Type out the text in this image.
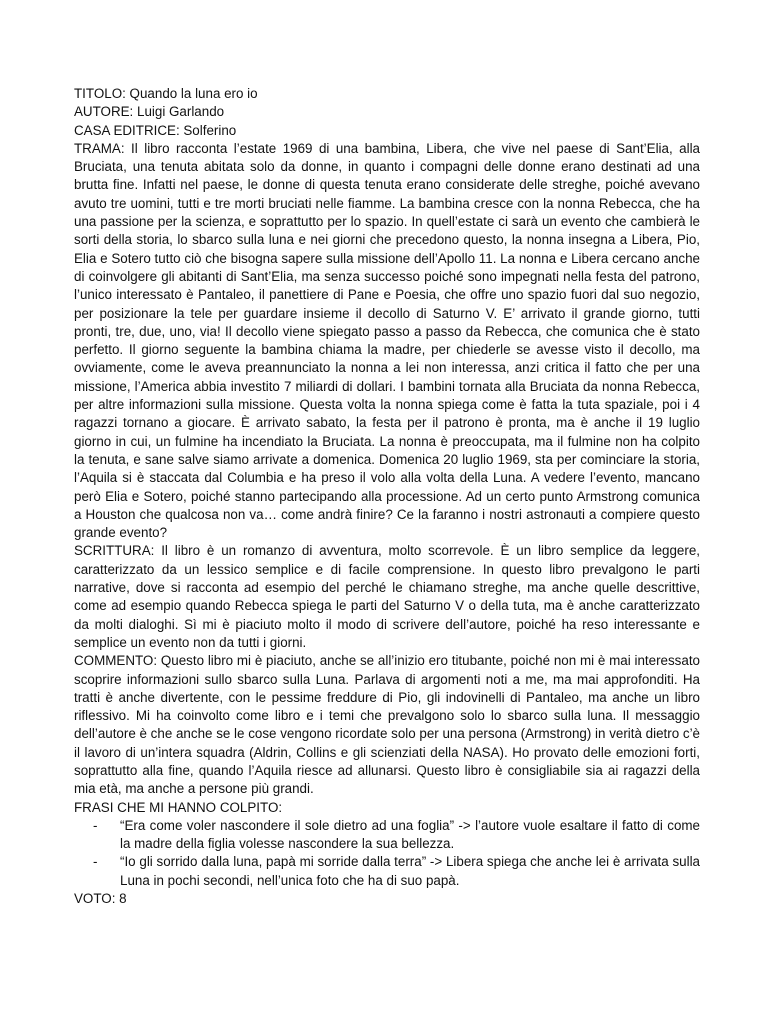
TITOLO: Quando la luna ero io

AUTORE: Luigi Garlando

CASA EDITRICE: Solferino

TRAMA: Il libro racconta l’estate 1969 di una bambina, Libera, che vive nel paese di Sant’Elia, alla Bruciata, una tenuta abitata solo da donne, in quanto i compagni delle donne erano destinati ad una brutta fine. Infatti nel paese, le donne di questa tenuta erano considerate delle streghe, poiché avevano avuto tre uomini, tutti e tre morti bruciati nelle fiamme. La bambina cresce con la nonna Rebecca, che ha una passione per la scienza, e soprattutto per lo spazio. In quell’estate ci sarà un evento che cambierà le sorti della storia, lo sbarco sulla luna e nei giorni che precedono questo, la nonna insegna a Libera, Pio, Elia e Sotero tutto ciò che bisogna sapere sulla missione dell’Apollo 11. La nonna e Libera cercano anche di coinvolgere gli abitanti di Sant’Elia, ma senza successo poiché sono impegnati nella festa del patrono, l’unico interessato è Pantaleo, il panettiere di Pane e Poesia, che offre uno spazio fuori dal suo negozio, per posizionare la tele per guardare insieme il decollo di Saturno V. E’ arrivato il grande giorno, tutti pronti, tre, due, uno, via! Il decollo viene spiegato passo a passo da Rebecca, che comunica che è stato perfetto. Il giorno seguente la bambina chiama la madre, per chiederle se avesse visto il decollo, ma ovviamente, come le aveva preannunciato la nonna a lei non interessa, anzi critica il fatto che per una missione, l’America abbia investito 7 miliardi di dollari. I bambini tornata alla Bruciata da nonna Rebecca, per altre informazioni sulla missione. Questa volta la nonna spiega come è fatta la tuta spaziale, poi i 4 ragazzi tornano a giocare. È arrivato sabato, la festa per il patrono è pronta, ma è anche il 19 luglio giorno in cui, un fulmine ha incendiato la Bruciata. La nonna è preoccupata, ma il fulmine non ha colpito la tenuta, e sane salve siamo arrivate a domenica. Domenica 20 luglio 1969, sta per cominciare la storia, l’Aquila si è staccata dal Columbia e ha preso il volo alla volta della Luna. A vedere l’evento, mancano però Elia e Sotero, poiché stanno partecipando alla processione. Ad un certo punto Armstrong comunica a Houston che qualcosa non va… come andrà finire? Ce la faranno i nostri astronauti a compiere questo grande evento?

SCRITTURA: Il libro è un romanzo di avventura, molto scorrevole. È un libro semplice da leggere, caratterizzato da un lessico semplice e di facile comprensione. In questo libro prevalgono le parti narrative, dove si racconta ad esempio del perché le chiamano streghe, ma anche quelle descrittive, come ad esempio quando Rebecca spiega le parti del Saturno V o della tuta, ma è anche caratterizzato da molti dialoghi. Sì mi è piaciuto molto il modo di scrivere dell’autore, poiché ha reso interessante e semplice un evento non da tutti i giorni.

COMMENTO: Questo libro mi è piaciuto, anche se all’inizio ero titubante, poiché non mi è mai interessato scoprire informazioni sullo sbarco sulla Luna. Parlava di argomenti noti a me, ma mai approfonditi. Ha tratti è anche divertente, con le pessime freddure di Pio, gli indovinelli di Pantaleo, ma anche un libro riflessivo. Mi ha coinvolto come libro e i temi che prevalgono solo lo sbarco sulla luna. Il messaggio dell’autore è che anche se le cose vengono ricordate solo per una persona (Armstrong) in verità dietro c’è il lavoro di un’intera squadra (Aldrin, Collins e gli scienziati della NASA). Ho provato delle emozioni forti, soprattutto alla fine, quando l’Aquila riesce ad allunarsi. Questo libro è consigliabile sia ai ragazzi della mia età, ma anche a persone più grandi.

FRASI CHE MI HANNO COLPITO:

- “Era come voler nascondere il sole dietro ad una foglia” -> l’autore vuole esaltare il fatto di come la madre della figlia volesse nascondere la sua bellezza.
- “Io gli sorrido dalla luna, papà mi sorride dalla terra” -> Libera spiega che anche lei è arrivata sulla Luna in pochi secondi, nell’unica foto che ha di suo papà.

VOTO: 8
